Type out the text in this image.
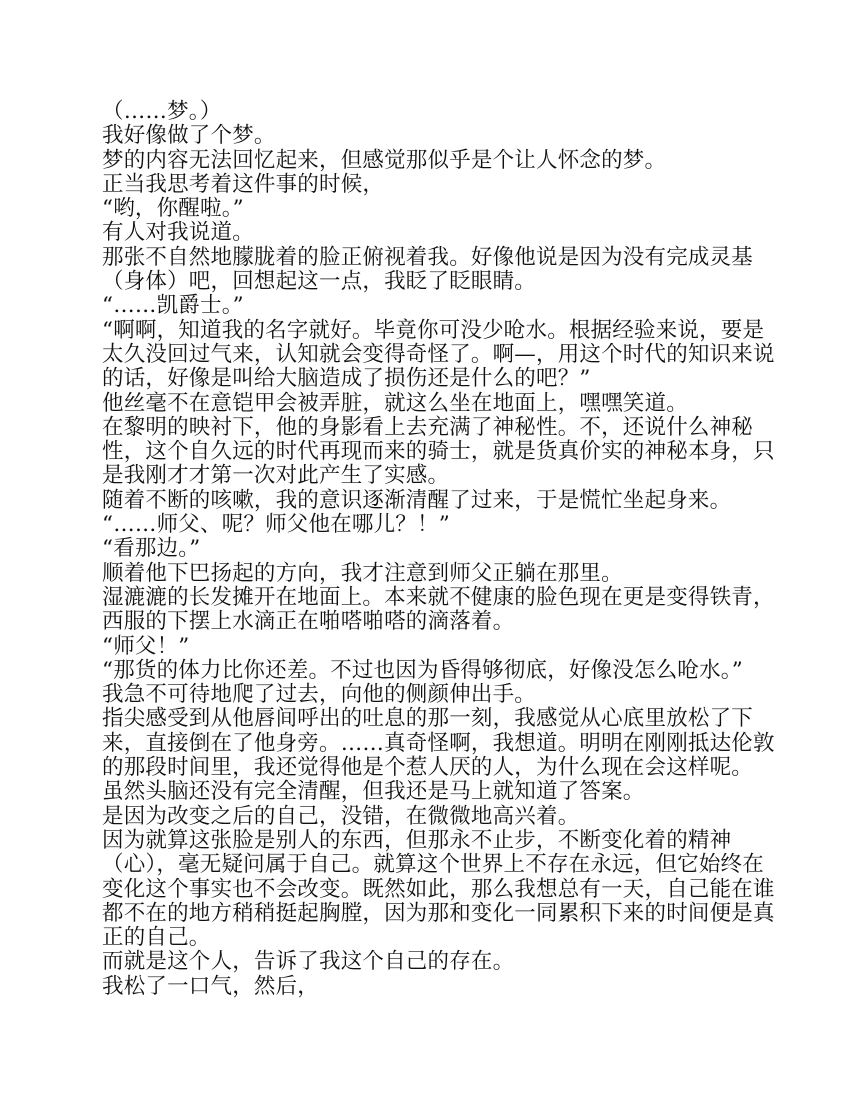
（……梦。）
我好像做了个梦。
梦的内容无法回忆起来，但感觉那似乎是个让人怀念的梦。
正当我思考着这件事的时候，
“哟，你醒啦。”
有人对我说道。
那张不自然地朦胧着的脸正俯视着我。好像他说是因为没有完成灵基
（身体）吧，回想起这一点，我眨了眨眼睛。
“……凯爵士。”
“啊啊，知道我的名字就好。毕竟你可没少呛水。根据经验来说，要是
太久没回过气来，认知就会变得奇怪了。啊—，用这个时代的知识来说
的话，好像是叫给大脑造成了损伤还是什么的吧？”
他丝毫不在意铠甲会被弄脏，就这么坐在地面上，嘿嘿笑道。
在黎明的映衬下，他的身影看上去充满了神秘性。不，还说什么神秘
性，这个自久远的时代再现而来的骑士，就是货真价实的神秘本身，只
是我刚才才第一次对此产生了实感。
随着不断的咳嗽，我的意识逐渐清醒了过来，于是慌忙坐起身来。
“……师父、呢？师父他在哪儿？！”
“看那边。”
顺着他下巴扬起的方向，我才注意到师父正躺在那里。
湿漉漉的长发摊开在地面上。本来就不健康的脸色现在更是变得铁青，
西服的下摆上水滴正在啪嗒啪嗒的滴落着。
“师父！”
“那货的体力比你还差。不过也因为昏得够彻底，好像没怎么呛水。”
我急不可待地爬了过去，向他的侧颜伸出手。
指尖感受到从他唇间呼出的吐息的那一刻，我感觉从心底里放松了下
来，直接倒在了他身旁。……真奇怪啊，我想道。明明在刚刚抵达伦敦
的那段时间里，我还觉得他是个惹人厌的人，为什么现在会这样呢。
虽然头脑还没有完全清醒，但我还是马上就知道了答案。
是因为改变之后的自己，没错，在微微地高兴着。
因为就算这张脸是别人的东西，但那永不止步，不断变化着的精神
（心），毫无疑问属于自己。就算这个世界上不存在永远，但它始终在
变化这个事实也不会改变。既然如此，那么我想总有一天，自己能在谁
都不在的地方稍稍挺起胸膛，因为那和变化一同累积下来的时间便是真
正的自己。
而就是这个人，告诉了我这个自己的存在。
我松了一口气，然后，
